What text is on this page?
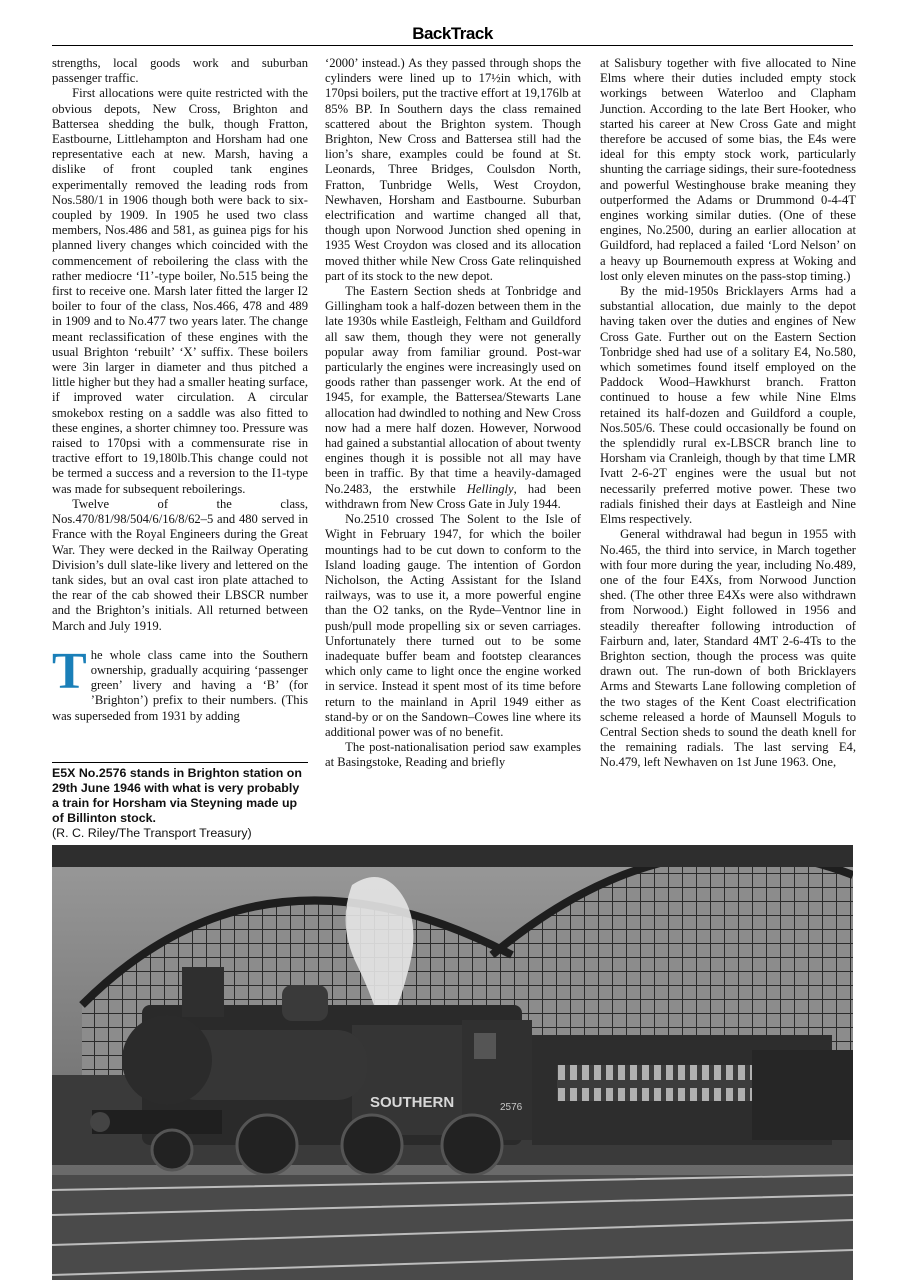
BackTrack

strengths, local goods work and suburban passenger traffic.

First allocations were quite restricted with the obvious depots, New Cross, Brighton and Battersea shedding the bulk, though Fratton, Eastbourne, Littlehampton and Horsham had one representative each at new. Marsh, having a dislike of front coupled tank engines experimentally removed the leading rods from Nos.580/1 in 1906 though both were back to six-coupled by 1909. In 1905 he used two class members, Nos.486 and 581, as guinea pigs for his planned livery changes which coincided with the commencement of reboilering the class with the rather mediocre ‘I1’-type boiler, No.515 being the first to receive one. Marsh later fitted the larger I2 boiler to four of the class, Nos.466, 478 and 489 in 1909 and to No.477 two years later. The change meant reclassification of these engines with the usual Brighton ‘rebuilt’ ‘X’ suffix. These boilers were 3in larger in diameter and thus pitched a little higher but they had a smaller heating surface, if improved water circulation. A circular smokebox resting on a saddle was also fitted to these engines, a shorter chimney too. Pressure was raised to 170psi with a commensurate rise in tractive effort to 19,180lb.This change could not be termed a success and a reversion to the I1-type was made for subsequent reboilerings.

Twelve of the class, Nos.470/81/98/504/6/16/8/62–5 and 480 served in France with the Royal Engineers during the Great War. They were decked in the Railway Operating Division’s dull slate-like livery and lettered on the tank sides, but an oval cast iron plate attached to the rear of the cab showed their LBSCR number and the Brighton’s initials. All returned between March and July 1919.

The whole class came into the Southern ownership, gradually acquiring ‘passenger green’ livery and having a ‘B’ (for ’Brighton’) prefix to their numbers. (This was superseded from 1931 by adding

E5X No.2576 stands in Brighton station on 29th June 1946 with what is very probably a train for Horsham via Steyning made up of Billinton stock.
(R. C. Riley/The Transport Treasury)

‘2000’ instead.) As they passed through shops the cylinders were lined up to 17½in which, with 170psi boilers, put the tractive effort at 19,176lb at 85% BP. In Southern days the class remained scattered about the Brighton system. Though Brighton, New Cross and Battersea still had the lion’s share, examples could be found at St. Leonards, Three Bridges, Coulsdon North, Fratton, Tunbridge Wells, West Croydon, Newhaven, Horsham and Eastbourne. Suburban electrification and wartime changed all that, though upon Norwood Junction shed opening in 1935 West Croydon was closed and its allocation moved thither while New Cross Gate relinquished part of its stock to the new depot.

The Eastern Section sheds at Tonbridge and Gillingham took a half-dozen between them in the late 1930s while Eastleigh, Feltham and Guildford all saw them, though they were not generally popular away from familiar ground. Post-war particularly the engines were increasingly used on goods rather than passenger work. At the end of 1945, for example, the Battersea/Stewarts Lane allocation had dwindled to nothing and New Cross now had a mere half dozen. However, Norwood had gained a substantial allocation of about twenty engines though it is possible not all may have been in traffic. By that time a heavily-damaged No.2483, the erstwhile Hellingly, had been withdrawn from New Cross Gate in July 1944.

No.2510 crossed The Solent to the Isle of Wight in February 1947, for which the boiler mountings had to be cut down to conform to the Island loading gauge. The intention of Gordon Nicholson, the Acting Assistant for the Island railways, was to use it, a more powerful engine than the O2 tanks, on the Ryde–Ventnor line in push/pull mode propelling six or seven carriages. Unfortunately there turned out to be some inadequate buffer beam and footstep clearances which only came to light once the engine worked in service. Instead it spent most of its time before return to the mainland in April 1949 either as stand-by or on the Sandown–Cowes line where its additional power was of no benefit.

The post-nationalisation period saw examples at Basingstoke, Reading and briefly

at Salisbury together with five allocated to Nine Elms where their duties included empty stock workings between Waterloo and Clapham Junction. According to the late Bert Hooker, who started his career at New Cross Gate and might therefore be accused of some bias, the E4s were ideal for this empty stock work, particularly shunting the carriage sidings, their sure-footedness and powerful Westinghouse brake meaning they outperformed the Adams or Drummond 0-4-4T engines working similar duties. (One of these engines, No.2500, during an earlier allocation at Guildford, had replaced a failed ‘Lord Nelson’ on a heavy up Bournemouth express at Woking and lost only eleven minutes on the pass-stop timing.)

By the mid-1950s Bricklayers Arms had a substantial allocation, due mainly to the depot having taken over the duties and engines of New Cross Gate. Further out on the Eastern Section Tonbridge shed had use of a solitary E4, No.580, which sometimes found itself employed on the Paddock Wood–Hawkhurst branch. Fratton continued to house a few while Nine Elms retained its half-dozen and Guildford a couple, Nos.505/6. These could occasionally be found on the splendidly rural ex-LBSCR branch line to Horsham via Cranleigh, though by that time LMR Ivatt 2-6-2T engines were the usual but not necessarily preferred motive power. These two radials finished their days at Eastleigh and Nine Elms respectively.

General withdrawal had begun in 1955 with No.465, the third into service, in March together with four more during the year, including No.489, one of the four E4Xs, from Norwood Junction shed. (The other three E4Xs were also withdrawn from Norwood.) Eight followed in 1956 and steadily thereafter following introduction of Fairburn and, later, Standard 4MT 2-6-4Ts to the Brighton section, though the process was quite drawn out. The run-down of both Bricklayers Arms and Stewarts Lane following completion of the two stages of the Kent Coast electrification scheme released a horde of Maunsell Moguls to Central Section sheds to sound the death knell for the remaining radials. The last serving E4, No.479, left Newhaven on 1st June 1963. One,

SOUTHERN	2576
